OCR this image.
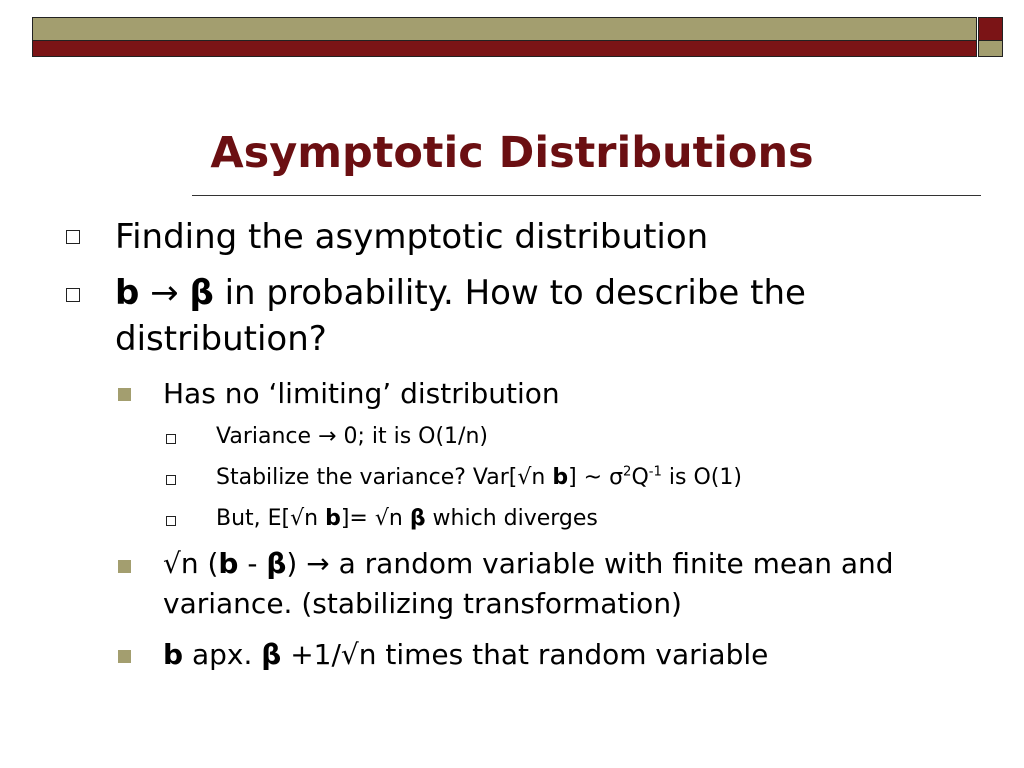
Asymptotic Distributions
Finding the asymptotic distribution
b → β in probability. How to describe the distribution?
Has no ‘limiting’ distribution
Variance → 0; it is O(1/n)
Stabilize the variance? Var[√n b] ~ $\sigma^2Q^{-1}$ is O(1)
But, E[√n b]= √n β which diverges
√n (b - β) → a random variable with finite mean and variance. (stabilizing transformation)
b apx. β +1/√n times that random variable
